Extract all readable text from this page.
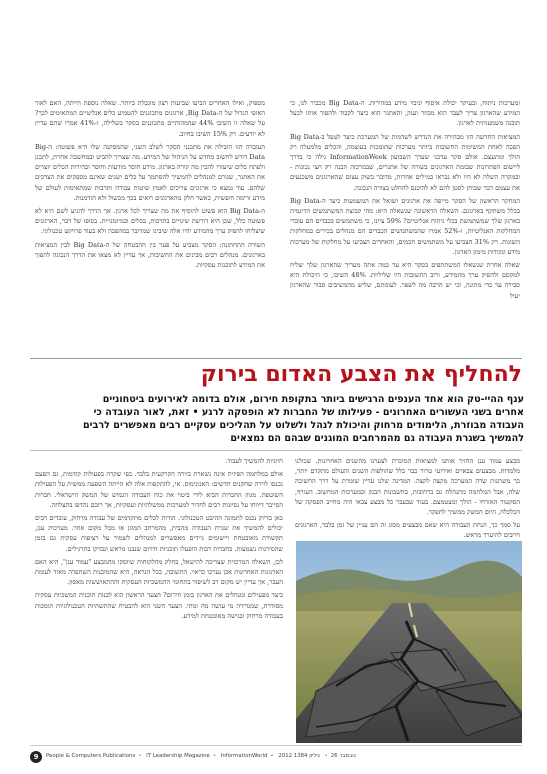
ומערכות ניתוח, ובעיקר יכולת איסוף וניבוי מידע במהירות. ה-Big Data מכביר לנו, כי המידע שהארגון צריך לעבד הוא מבוזר וענק, והאתגר הוא כיצד לקבוד ולהפוך אותו לכעל תובנה משמעותית לארגון.

המציאות החדשה הזו מבהירה את הנדרש לשדמות של המערכת כיצד לטפל ב-Big Data הפכה לאחת המשימות החשובות ביותר מערכות שתומכות בעוצמה, והכלים מלמעלה רק הולך ומתעצם. אולם סקר עדכני שערך השבועון InformationWeek גילה כי בדרך ליישום הפתרונות שבזמת הארגונים בשורה של אתגרים, שבמרכזה הבנה רק חצי נכונות - ובמקרה השלה לא היו ולא נבראו במילים אחרות, מדובר בשוק עצום שהארגונים משכנעים את עצמם דבר שבוחן לסטן להם לא להיכנס להחלט בצורה הנכונה.

המחקר הראשון של הסקר מייפה את ארגונים ושואל את המשמעות כיצד ה-Big Data בכלל משתקף בארגונם. השאלה הראשונה שנשאלה היא: מהי קבוצת המשתמשים הדינמית בארגון שלך שמשתמשת בכלי ניתוח אנליטיים? 59% ציינו, כי משתמשים בכבדים הם עובדי המחלקות האנליטיות, ו-52% אמרו שהמשתמשים הכבדים הם מנהלים בכירים במחלקות השונות. רק 31% הצביעו על משתמשים חכמים, והאחרים הצביעו על מחלקות של מערכות מידע ונקודות מימון הארגון.

שאלה אחרת שנשאלו המשתתפים בסקר היא עד כמה אתה מעריך שהארגון שלך יצליח למקסם ולהפיק ערך מהמידע, ורוב התשובות היו שליליות. 48% השיבו, כי היכולת היא סבירה עד כדי מתונה, וכי יש הרבה מה לשפר. לעומתם, שליש מהמשיבים סבור שהארגון יעיל

מספיק, ואילו האחרים הביעו שביעות רצון מוגבלת ביותר. שאלה נוספת הייתה, האם לאור האופי הגדול של ה-Big Data, ארגונים מתכוננים להטמיע כלים אנליטיים המתאימים לכך? על שאלה זו השיבו 44% שהמהותיים מתכוננים בסקר בשלילה, ו-41% אמרו שהם עדיין לא יודעים. רק 15% השיבו בחיוב.

העובדה הזו הובילה את מתכנני הסקר לשלב השני, שהמסקנה שלו היא פשוטה: ה-Big Data דורש לחשוב מחדש על הניהול של המידע. מה שצריך להביט ובמחשבה אחרת, לתכנן ולפתח כלים שיעזרו להבין מה קורה בארגון. מידע חוסר מודעות וחוסר ובהירות הכלים יוצרים את האתגר, שגורם למנהלים להמשיך להסתמך על כלים ישנים שאינם מספקים את הצרכים שלהם. עוד נמצא כי ארגונים צריכים לאמץ שיטות עבודה ותרבות שמתאימות לעולם של מידע זרימה חופשית, כאשר חלק מהארגונים רואים בכך מכשול ולא הזדמנות.

ה-Big Data הוא פשוט להוסיף את מה שצריך לכל ארגון. אך הדרך להגיע לשם היא לא פשוטה כלל, שכן היא דורשת שינויים בתרבות, בכלים ובמיומנויות. בסופו של דבר, הארגונים שיצליחו להפיק ערך מהמידע יהיו אלה שיבינו שמדובר במהפכה ולא בעוד פרויקט טכנולוגי.

השורה התחתונה: הסקר מצביע על פער בין ההבטחה של ה-Big Data לבין המציאות בארגונים. מנהלים רבים מבינים את החשיבות, אך עדיין לא מצאו את הדרך הנכונה להפוך את המידע לתובנות עסקיות.

להחליף את הצבע האדום בירוק
ענף ההיי-טק הוא אחד הענפים הרגישים ביותר בתקופת חירום, אולם בדומה לאירועים ביטחוניים
אחרים בשני העשורים האחרונים - פעילותו של החברות לא הופסקה לרגע • זאת, לאור העובדה כי
העבודה מבוזרת, הלימודים מרחוק והיכולת לנהל ולשלוט על תהליכים עסקיים רבים מאפשרים לרבים
להמשיך בשגרת העבודה גם מהמרחבים המוגנים שבהם הם נמצאים

מבצע עמוד ענן החזיר אותנו למציאות המוכרת לצערנו מהשנים האחרונות. שכולנו מלמדות. מבצעים צבאיים ואירועי טרור כבר כלל שהולפות השנים והעולם מתקדם יותר, כך משתנות שדה המערכה מקצה לקצה. המדינה שלנו עדיין שומרת על דרך החשיבה שלה, אבל המלחמה מתנהלת גם ברחובות, בחשבונות הבנק ובמערכות המחשוב. העורף, הסקטור האזרחי - הולך ומצטמצם. בעוד שבעבר כל מבצע צבאי היה מחייב הפסקה של הכלכלה, היום המשק ממשיך לתפקד.

על סמך כך, הנחת העבודה היא שאם מבצעים מסוג זה הם עניין של זמן בלבד, הארגונים חייבים להיערך מראש.

חיוניות להמשיך לעבוד.

אולם במלחמה הפיזית אינה נשארת בזירה הקרקעית בלבד. כפי שקרה בפעולות קודמות, גם הפעם נכנסו לזירה שחקנים חדשים: האנונימוס. אי, להתקפות אלה לא הייתה השפעה ממשית על הפעילות השוטפת. מגוון החברות הביא לידי ביטוי את כוח העבודה הגמיש של המשק הישראלי. חברות הסייבר דיווחו על נסיונות רבים לחדור למערכות ממשלתיות ועסקיות, אך רובם נהדפו בהצלחה.

כאן בדיוק נכנס לתמונה ההיבט הטכנולוגי. הודות לכלים מתקדמים של עבודה מרחוק, עובדים רבים יכולים להמשיך את שגרת העבודה מהבית, מהמרחב המוגן או מכל מקום אחר. מערכות ענן, תקשורת מאובטחת ויישומים ניידים מאפשרים למנהלים לשמור על רציפות עסקית גם בזמן שהסירנות נשמעות. בחברות רבות הופעלו תוכניות חירום שנבנו מראש ונבדקו בתרגילים.

לכן, השאלה המרכזית שצריכה להישאל, בחלק מהלקוחות שיוסקו מהמבצע "עמוד ענן", היא האם הארגונות האחרונות אכן נערכו כראוי. התשובה, ככל הנראה, היא שהמוכנות השתפרה מאוד לעומת העבר, אך עדיין יש מקום רב לשיפור בתחומי ההמשכיות העסקית וההתאוששות מאסון.

כיצד מפעילים ומנהלים את הארגון בזמן חירום? הצעד הראשון הוא לבנות תוכנית המשכיות עסקית מסודרת, שמגדירה מי עושה מה ומתי. הצעד השני הוא להבטיח שהתשתיות הטכנולוגיות תומכות בעבודה מרחוק ובגישה מאובטחת למידע.

9	People & Computers Publications • IT Leadership Magazine • InformationWorld • 2012 נובמבר 26• גיליון 1384
